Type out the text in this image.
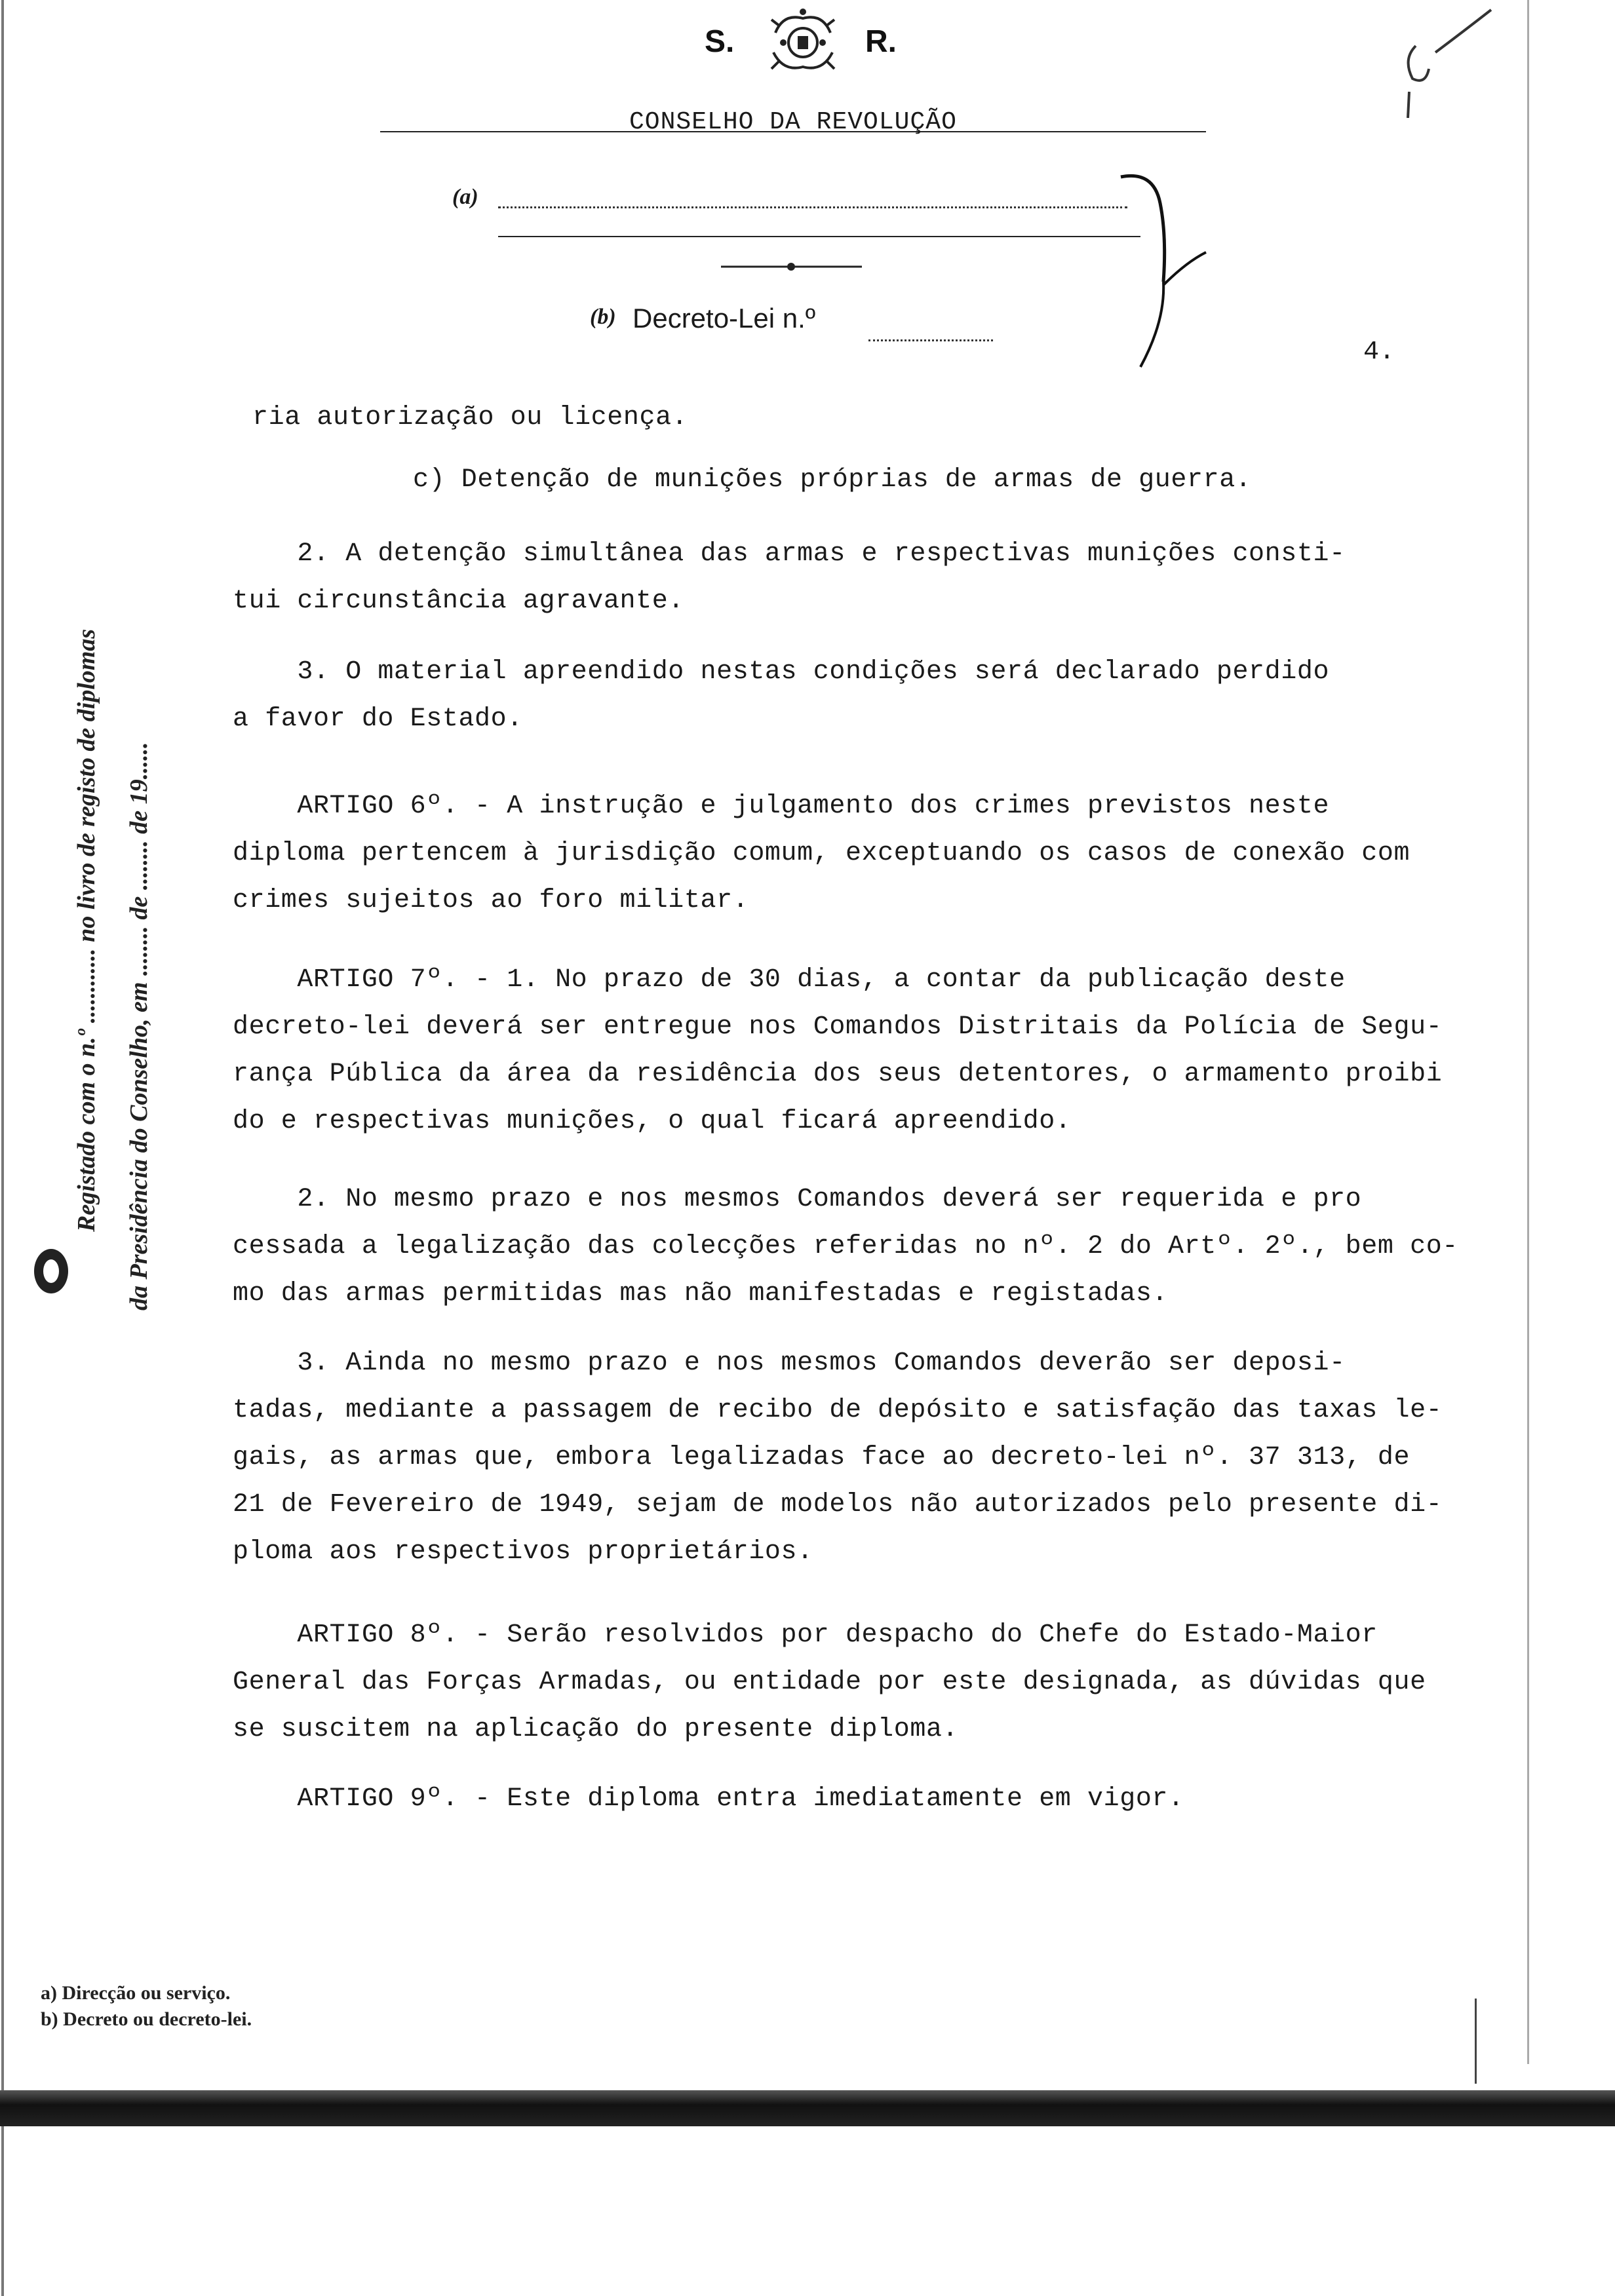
S.	R.
CONSELHO DA REVOLUÇÃO
(a)
(b) Decreto-Lei n.º
4.
ria autorização ou licença.
c) Detenção de munições próprias de armas de guerra.
2. A detenção simultânea das armas e respectivas munições consti-
tui circunstância agravante.
3. O material apreendido nestas condições será declarado perdido
a favor do Estado.
ARTIGO 6º. - A instrução e julgamento dos crimes previstos neste
diploma pertencem à jurisdição comum, exceptuando os casos de conexão com
crimes sujeitos ao foro militar.
ARTIGO 7º. - 1. No prazo de 30 dias, a contar da publicação deste
decreto-lei deverá ser entregue nos Comandos Distritais da Polícia de Segu-
rança Pública da área da residência dos seus detentores, o armamento proibi
do e respectivas munições, o qual ficará apreendido.
2. No mesmo prazo e nos mesmos Comandos deverá ser requerida e pro
cessada a legalização das colecções referidas no nº. 2 do Artº. 2º., bem co-
mo das armas permitidas mas não manifestadas e registadas.
3. Ainda no mesmo prazo e nos mesmos Comandos deverão ser deposi-
tadas, mediante a passagem de recibo de depósito e satisfação das taxas le-
gais, as armas que, embora legalizadas face ao decreto-lei nº. 37 313, de
21 de Fevereiro de 1949, sejam de modelos não autorizados pelo presente di-
ploma aos respectivos proprietários.
ARTIGO 8º. - Serão resolvidos por despacho do Chefe do Estado-Maior
General das Forças Armadas, ou entidade por este designada, as dúvidas que
se suscitem na aplicação do presente diploma.
ARTIGO 9º. - Este diploma entra imediatamente em vigor.
Registado com o n.º ............ no livro de registo de diplomas da Presidência do Conselho, em ........ de ........ de 19......
a) Direcção ou serviço.
b) Decreto ou decreto-lei.
